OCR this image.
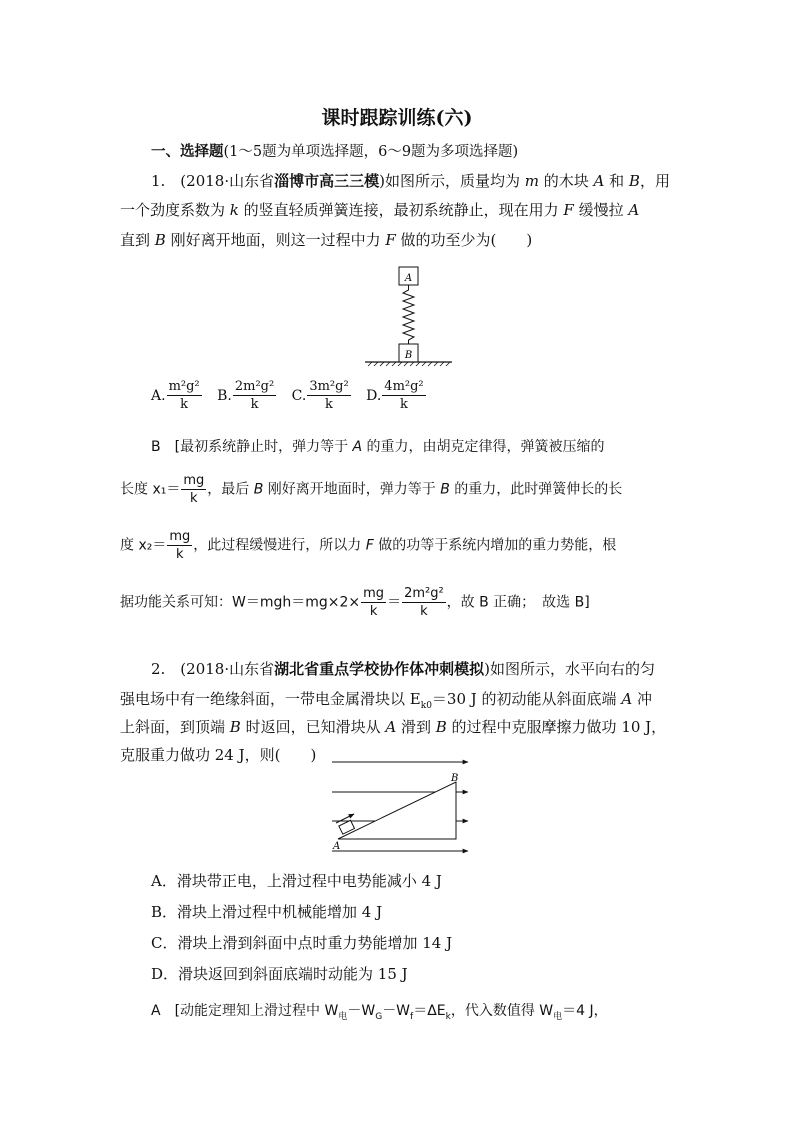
课时跟踪训练(六)
一、选择题(1～5题为单项选择题，6～9题为多项选择题)
1.　(2018·山东省淄博市高三三模)如图所示，质量均为 m 的木块 A 和 B，用
一个劲度系数为 k 的竖直轻质弹簧连接，最初系统静止，现在用力 F 缓慢拉 A
直到 B 刚好离开地面，则这一过程中力 F 做的功至少为(　　)
A
B
A. $\frac{\text{m²g²}}{k} B$. $\frac{\text{2m²g²}}{k} C$. $\frac{\text{3m²g²}}{k} D$. $\frac{\text{4m²g²}}{k}$
B　[最初系统静止时，弹力等于 A 的重力，由胡克定律得，弹簧被压缩的
长度 $x_1= \frac{mg}{k}$ ，最后 B 刚好离开地面时，弹力等于 B 的重力，此时弹簧伸长的长
度 $x_2= \frac{mg}{k}$ ，此过程缓慢进行，所以力 F 做的功等于系统内增加的重力势能，根
据功能关系可知：$W=mgh=mg\times 2\times \frac{mg}{k} = \frac{\text{2m²g²}}{k}$ ，故 B 正确；　故选 B]
2.　(2018·山东省湖北省重点学校协作体冲刺模拟)如图所示，水平向右的匀
强电场中有一绝缘斜面，一带电金属滑块以 $E_{k0}=30$ J 的初动能从斜面底端 A 冲
上斜面，到顶端 B 时返回，已知滑块从 A 滑到 B 的过程中克服摩擦力做功 10 J，
克服重力做功 24 J，则(　　)
A
B
A．滑块带正电，上滑过程中电势能减小 4 J
B．滑块上滑过程中机械能增加 4 J
C．滑块上滑到斜面中点时重力势能增加 14 J
D．滑块返回到斜面底端时动能为 15 J
A　[动能定理知上滑过程中 $W_电-W_G-W_f=\Delta E_k$，代入数值得 $W_电=4$ J，
